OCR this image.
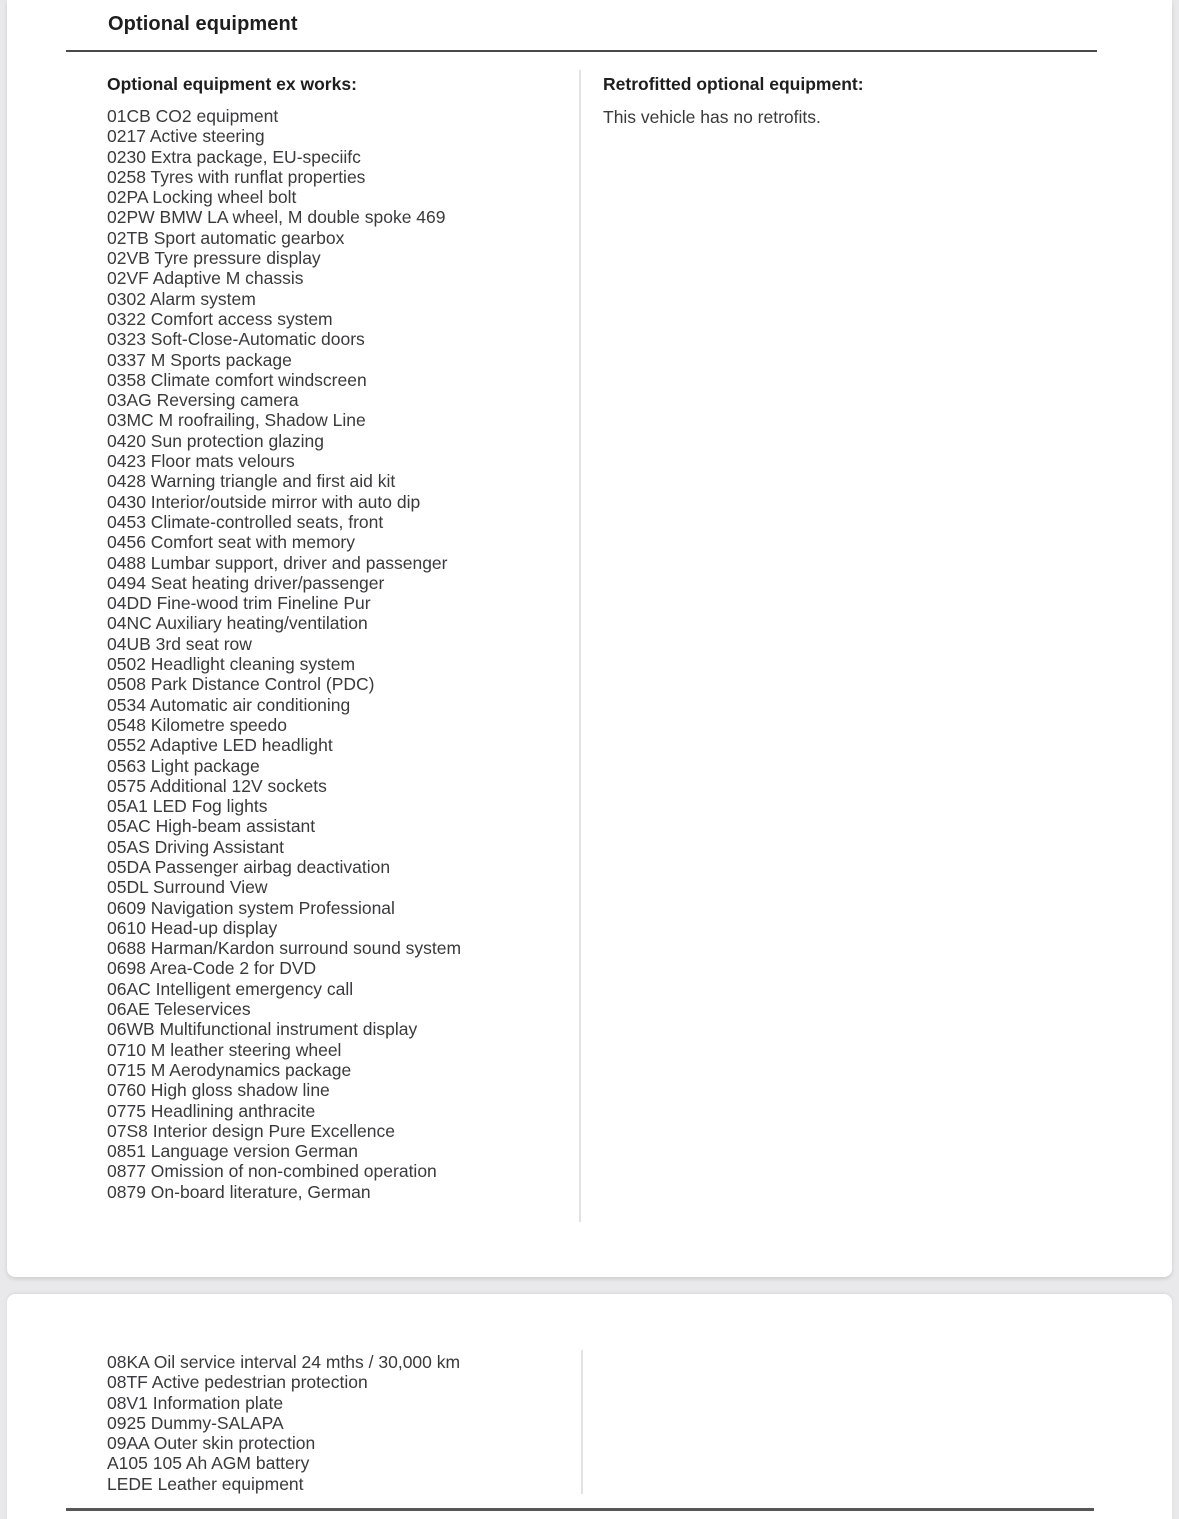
Optional equipment
Optional equipment ex works:
01CB CO2 equipment
0217 Active steering
0230 Extra package, EU-speciifc
0258 Tyres with runflat properties
02PA Locking wheel bolt
02PW BMW LA wheel, M double spoke 469
02TB Sport automatic gearbox
02VB Tyre pressure display
02VF Adaptive M chassis
0302 Alarm system
0322 Comfort access system
0323 Soft-Close-Automatic doors
0337 M Sports package
0358 Climate comfort windscreen
03AG Reversing camera
03MC M roofrailing, Shadow Line
0420 Sun protection glazing
0423 Floor mats velours
0428 Warning triangle and first aid kit
0430 Interior/outside mirror with auto dip
0453 Climate-controlled seats, front
0456 Comfort seat with memory
0488 Lumbar support, driver and passenger
0494 Seat heating driver/passenger
04DD Fine-wood trim Fineline Pur
04NC Auxiliary heating/ventilation
04UB 3rd seat row
0502 Headlight cleaning system
0508 Park Distance Control (PDC)
0534 Automatic air conditioning
0548 Kilometre speedo
0552 Adaptive LED headlight
0563 Light package
0575 Additional 12V sockets
05A1 LED Fog lights
05AC High-beam assistant
05AS Driving Assistant
05DA Passenger airbag deactivation
05DL Surround View
0609 Navigation system Professional
0610 Head-up display
0688 Harman/Kardon surround sound system
0698 Area-Code 2 for DVD
06AC Intelligent emergency call
06AE Teleservices
06WB Multifunctional instrument display
0710 M leather steering wheel
0715 M Aerodynamics package
0760 High gloss shadow line
0775 Headlining anthracite
07S8 Interior design Pure Excellence
0851 Language version German
0877 Omission of non-combined operation
0879 On-board literature, German
Retrofitted optional equipment:

This vehicle has no retrofits.

08KA Oil service interval 24 mths / 30,000 km
08TF Active pedestrian protection
08V1 Information plate
0925 Dummy-SALAPA
09AA Outer skin protection
A105 105 Ah AGM battery
LEDE Leather equipment
